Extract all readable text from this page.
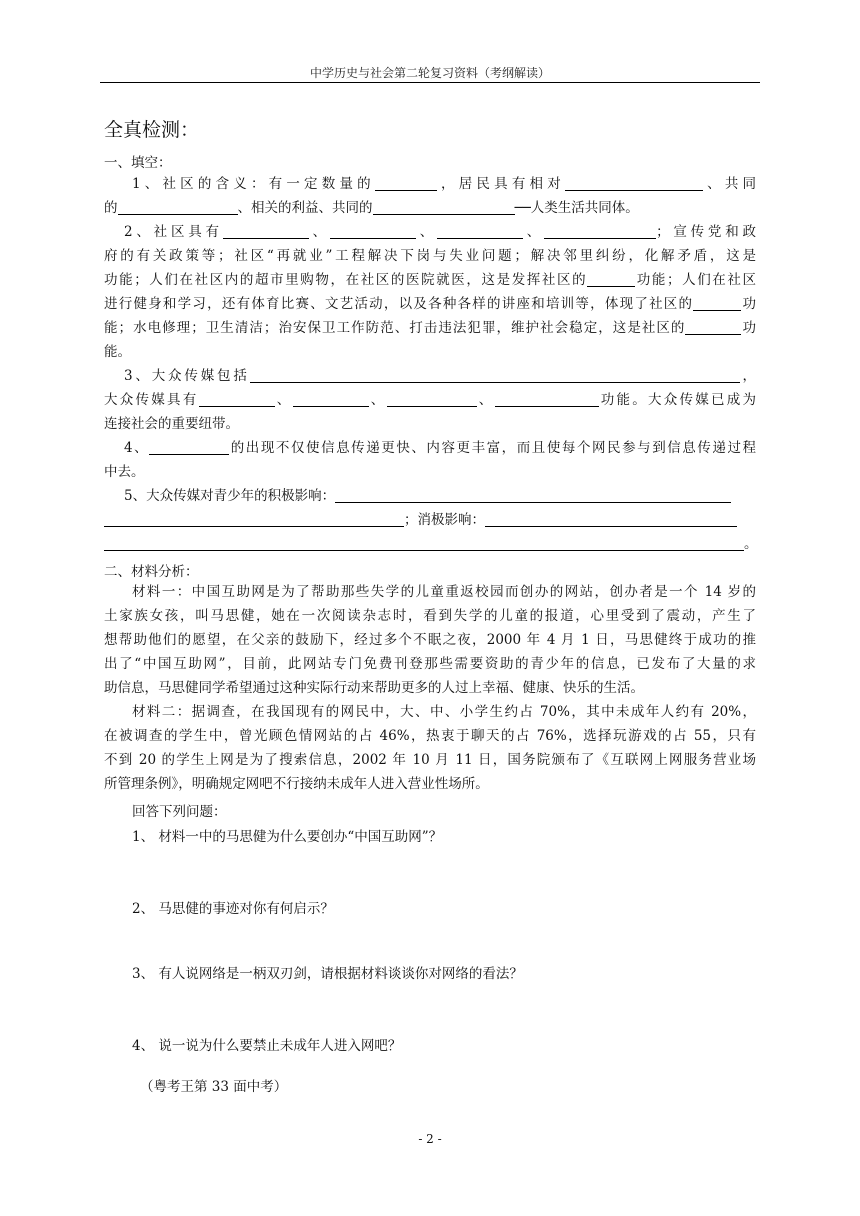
中学历史与社会第二轮复习资料（考纲解读）
全真检测：
一、填空：
1、社区的含义：有一定数量的	，居民具有相对	、共同
的	、相关的利益、共同的	──人类生活共同体。
2、社区具有	、	、	、	；宣传党和政
府的有关政策等；社区“再就业”工程解决下岗与失业问题；解决邻里纠纷，化解矛盾，这是
功能；人们在社区内的超市里购物，在社区的医院就医，这是发挥社区的	功能；人们在社区
进行健身和学习，还有体育比赛、文艺活动，以及各种各样的讲座和培训等，体现了社区的	功
能；水电修理；卫生清洁；治安保卫工作防范、打击违法犯罪，维护社会稳定，这是社区的	功
能。
3、大众传媒包括	，
大众传媒具有	、	、	、	功能。大众传媒已成为
连接社会的重要纽带。
4、	的出现不仅使信息传递更快、内容更丰富，而且使每个网民参与到信息传递过程
中去。
5、大众传媒对青少年的积极影响：
；消极影响：
。
二、材料分析：
材料一：中国互助网是为了帮助那些失学的儿童重返校园而创办的网站，创办者是一个 14 岁的
土家族女孩，叫马思健，她在一次阅读杂志时，看到失学的儿童的报道，心里受到了震动，产生了
想帮助他们的愿望，在父亲的鼓励下，经过多个不眠之夜，2000 年 4 月 1 日，马思健终于成功的推
出了“中国互助网”，目前，此网站专门免费刊登那些需要资助的青少年的信息，已发布了大量的求
助信息，马思健同学希望通过这种实际行动来帮助更多的人过上幸福、健康、快乐的生活。
材料二：据调查，在我国现有的网民中，大、中、小学生约占 70%，其中未成年人约有 20%，
在被调查的学生中，曾光顾色情网站的占 46%，热衷于聊天的占 76%，选择玩游戏的占 55，只有
不到 20 的学生上网是为了搜索信息，2002 年 10 月 11 日，国务院颁布了《互联网上网服务营业场
所管理条例》，明确规定网吧不行接纳未成年人进入营业性场所。
回答下列问题：
1、 材料一中的马思健为什么要创办“中国互助网”？
2、 马思健的事迹对你有何启示？
3、 有人说网络是一柄双刃剑，请根据材料谈谈你对网络的看法？
4、 说一说为什么要禁止未成年人进入网吧？
（粤考王第 33 面中考）
- 2 -
